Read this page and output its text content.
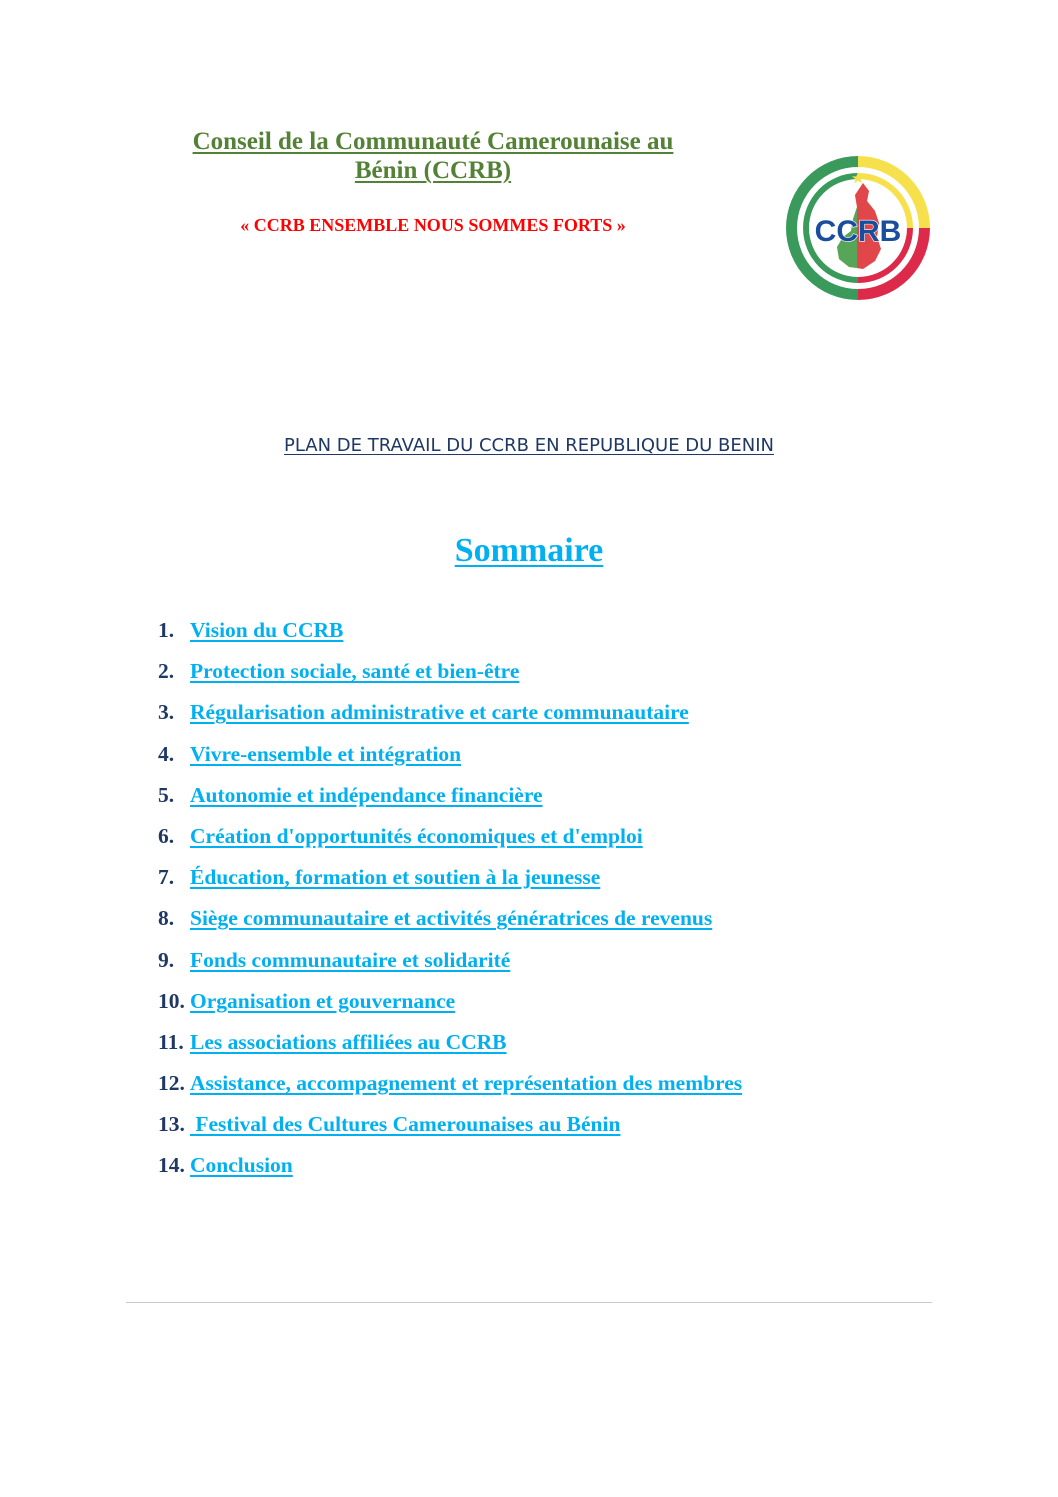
Conseil de la Communauté Camerounaise au
Bénin (CCRB)
« CCRB ENSEMBLE NOUS SOMMES FORTS »	CCRB
PLAN DE TRAVAIL DU CCRB EN REPUBLIQUE DU BENIN
Sommaire
1. Vision du CCRB
2. Protection sociale, santé et bien-être
3. Régularisation administrative et carte communautaire
4. Vivre-ensemble et intégration
5. Autonomie et indépendance financière
6. Création d'opportunités économiques et d'emploi
7. Éducation, formation et soutien à la jeunesse
8. Siège communautaire et activités génératrices de revenus
9. Fonds communautaire et solidarité
10. Organisation et gouvernance
11. Les associations affiliées au CCRB
12. Assistance, accompagnement et représentation des membres
13. Festival des Cultures Camerounaises au Bénin
14. Conclusion
